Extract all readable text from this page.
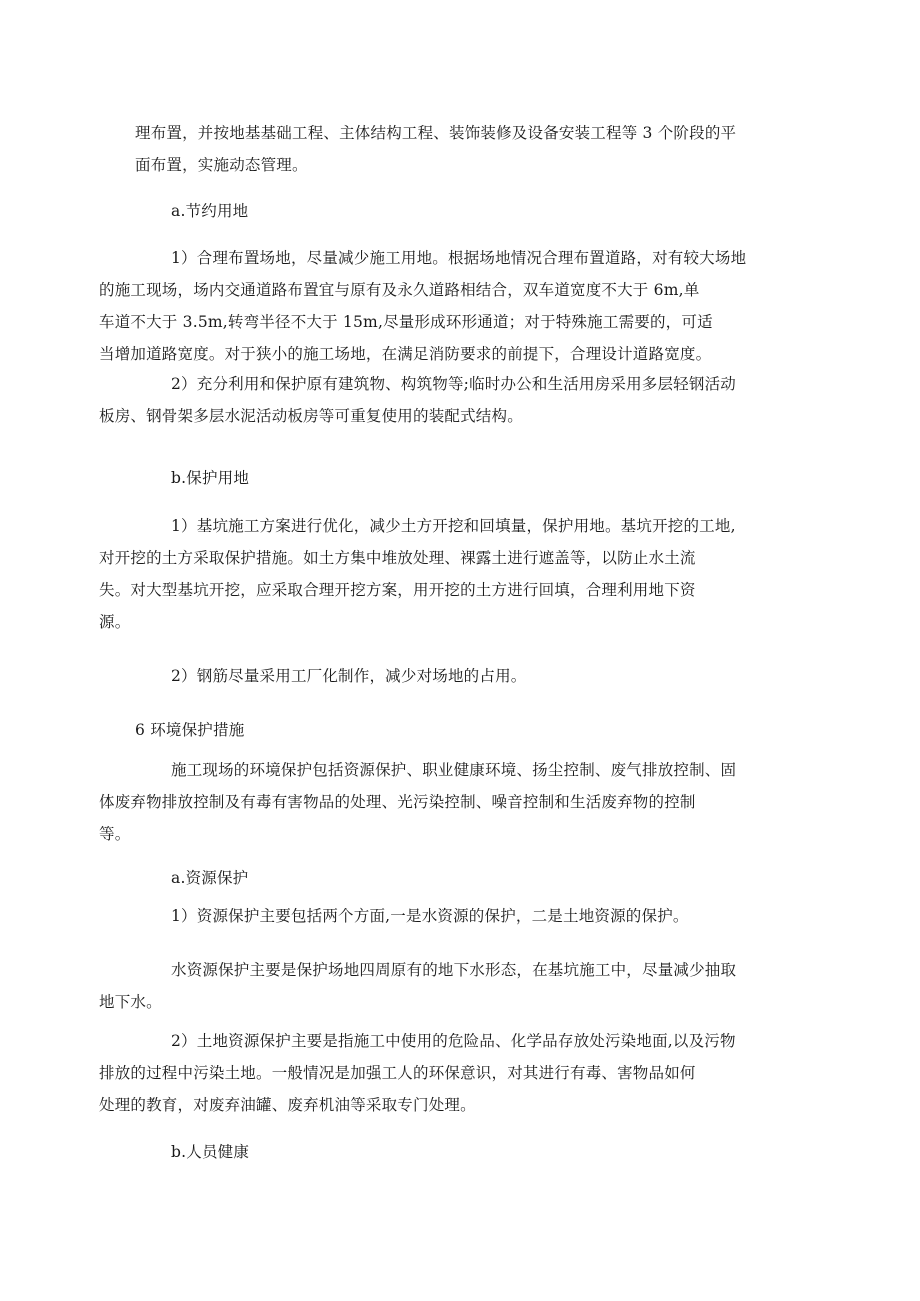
理布置，并按地基基础工程、主体结构工程、装饰装修及设备安装工程等 3 个阶段的平
面布置，实施动态管理。

a.节约用地

1）合理布置场地，尽量减少施工用地。根据场地情况合理布置道路，对有较大场地
的施工现场，场内交通道路布置宜与原有及永久道路相结合，双车道宽度不大于 6m,单
车道不大于 3.5m,转弯半径不大于 15m,尽量形成环形通道；对于特殊施工需要的，可适
当增加道路宽度。对于狭小的施工场地，在满足消防要求的前提下，合理设计道路宽度。

2）充分利用和保护原有建筑物、构筑物等;临时办公和生活用房采用多层轻钢活动
板房、钢骨架多层水泥活动板房等可重复使用的装配式结构。

b.保护用地

1）基坑施工方案进行优化，减少土方开挖和回填量，保护用地。基坑开挖的工地,
对开挖的土方采取保护措施。如土方集中堆放处理、裸露土进行遮盖等，以防止水土流
失。对大型基坑开挖，应采取合理开挖方案，用开挖的土方进行回填，合理利用地下资
源。

2）钢筋尽量采用工厂化制作，减少对场地的占用。

6 环境保护措施

施工现场的环境保护包括资源保护、职业健康环境、扬尘控制、废气排放控制、固
体废弃物排放控制及有毒有害物品的处理、光污染控制、噪音控制和生活废弃物的控制
等。

a.资源保护

1）资源保护主要包括两个方面,一是水资源的保护，二是土地资源的保护。

水资源保护主要是保护场地四周原有的地下水形态，在基坑施工中，尽量减少抽取
地下水。

2）土地资源保护主要是指施工中使用的危险品、化学品存放处污染地面,以及污物
排放的过程中污染土地。一般情况是加强工人的环保意识，对其进行有毒、害物品如何
处理的教育，对废弃油罐、废弃机油等采取专门处理。

b.人员健康
